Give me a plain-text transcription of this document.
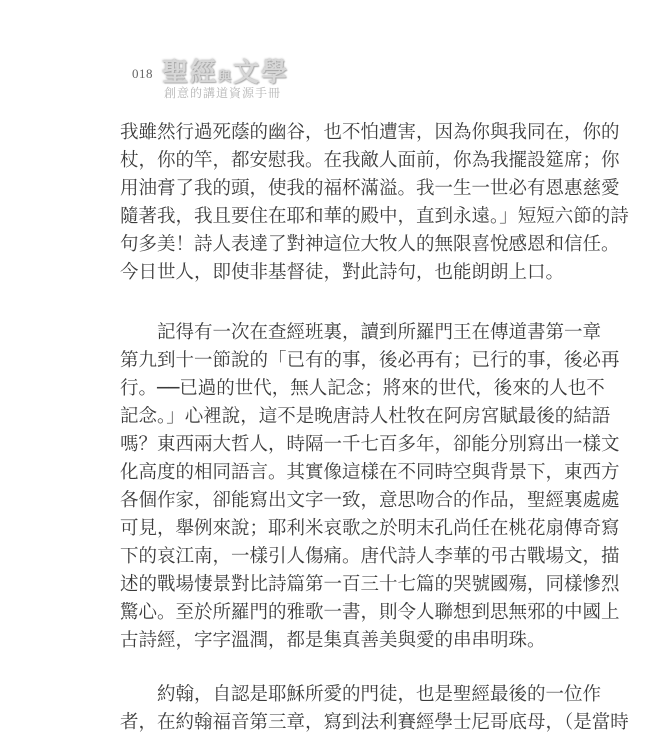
018 聖經與文學
創意的講道資源手冊
我雖然行過死蔭的幽谷，也不怕遭害，因為你與我同在，你的
杖，你的竿，都安慰我。在我敵人面前，你為我擺設筵席；你
用油膏了我的頭，使我的福杯滿溢。我一生一世必有恩惠慈愛
隨著我，我且要住在耶和華的殿中，直到永遠。」短短六節的詩
句多美！詩人表達了對神這位大牧人的無限喜悅感恩和信任。
今日世人，即使非基督徒，對此詩句，也能朗朗上口。
　　記得有一次在查經班裏，讀到所羅門王在傳道書第一章
第九到十一節說的「已有的事，後必再有；已行的事，後必再
行。──已過的世代，無人記念；將來的世代，後來的人也不
記念。」心裡說，這不是晚唐詩人杜牧在阿房宮賦最後的結語
嗎？東西兩大哲人，時隔一千七百多年，卻能分別寫出一樣文
化高度的相同語言。其實像這樣在不同時空與背景下，東西方
各個作家，卻能寫出文字一致，意思吻合的作品，聖經裏處處
可見，舉例來說；耶利米哀歌之於明末孔尚任在桃花扇傳奇寫
下的哀江南，一樣引人傷痛。唐代詩人李華的弔古戰場文，描
述的戰場悽景對比詩篇第一百三十七篇的哭號國殤，同樣慘烈
驚心。至於所羅門的雅歌一書，則令人聯想到思無邪的中國上
古詩經，字字溫潤，都是集真善美與愛的串串明珠。
　　約翰，自認是耶穌所愛的門徒，也是聖經最後的一位作
者，在約翰福音第三章，寫到法利賽經學士尼哥底母，（是當時
